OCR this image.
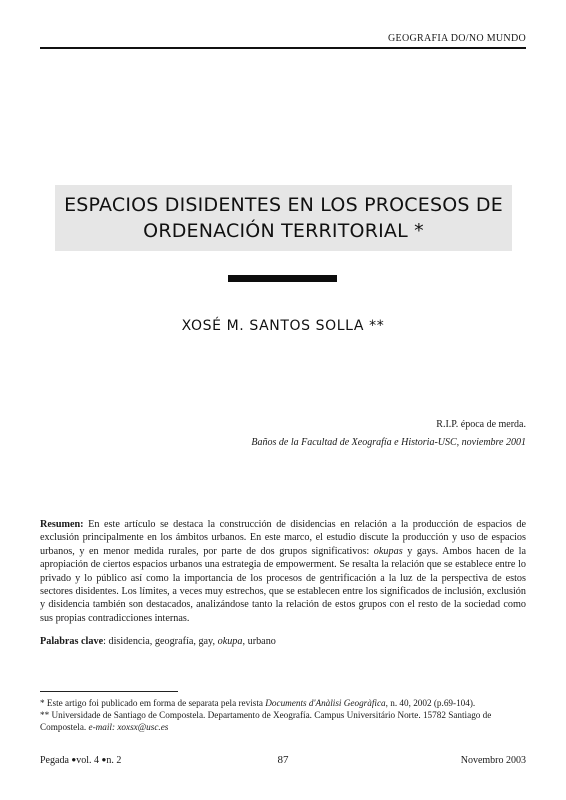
GEOGRAFIA DO/NO MUNDO
ESPACIOS DISIDENTES EN LOS PROCESOS DE
ORDENACIÓN TERRITORIAL *
XOSÉ M. SANTOS SOLLA **
R.I.P. época de merda.
Baños de la Facultad de Xeografía e Historia-USC, noviembre 2001
Resumen: En este artículo se destaca la construcción de disidencias en relación a la producción de espacios de exclusión principalmente en los ámbitos urbanos. En este marco, el estudio discute la producción y uso de espacios urbanos, y en menor medida rurales, por parte de dos grupos significativos: okupas y gays. Ambos hacen de la apropiación de ciertos espacios urbanos una estrategia de empowerment. Se resalta la relación que se establece entre lo privado y lo público así como la importancia de los procesos de gentrificación a la luz de la perspectiva de estos sectores disidentes. Los límites, a veces muy estrechos, que se establecen entre los significados de inclusión, exclusión y disidencia también son destacados, analizándose tanto la relación de estos grupos con el resto de la sociedad como sus propias contradicciones internas.
Palabras clave: disidencia, geografía, gay, okupa, urbano

* Este artigo foi publicado em forma de separata pela revista Documents d'Anàlisi Geogràfica, n. 40, 2002 (p.69-104).

** Universidade de Santiago de Compostela. Departamento de Xeografía. Campus Universitário Norte. 15782 Santiago de Compostela. e-mail: xoxsx@usc.es

Pegada ●vol. 4 ●n. 2	87	Novembro 2003
